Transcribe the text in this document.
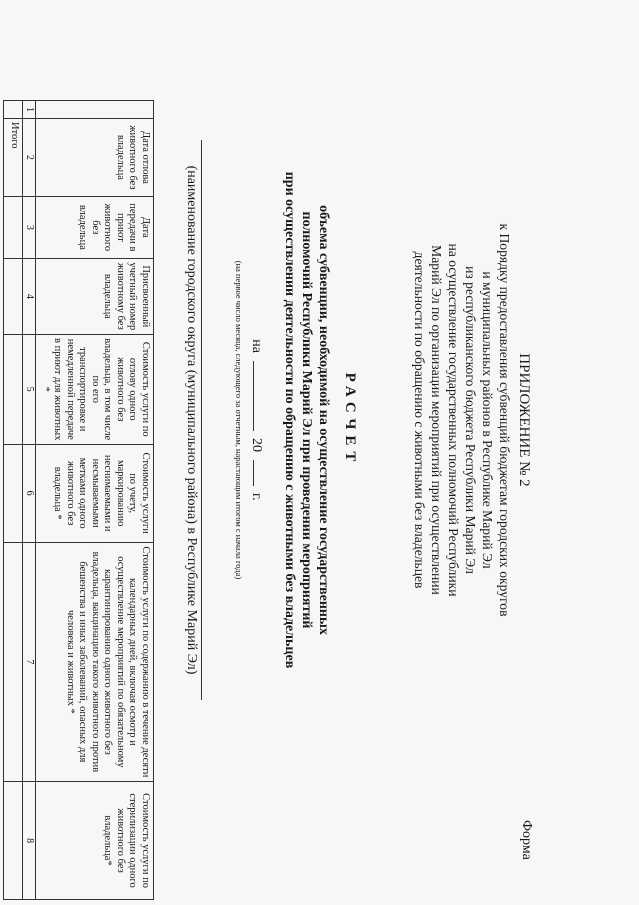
ПРИЛОЖЕНИЕ № 2
к Порядку предоставления субвенций бюджетам городских округов
и муниципальных районов в Республике Марий Эл
из республиканского бюджета Республики Марий Эл
на осуществление государственных полномочий Республики
Марий Эл по организации мероприятий при осуществлении
деятельности по обращению с животными без владельцев
Форма
РАСЧЕТ
объема субвенции, необходимой на осуществление государственных
полномочий Республики Марий Эл при проведении мероприятий
при осуществлении деятельности по обращению с животными без владельцев
на  20  г.
(на первое число месяца, следующего за отчетным, нарастающим итогом с начала года)
(наименование городского округа (муниципального района) в Республике Марий Эл)
	Дата отлова животного без владельца	Дата передачи в приют животного без владельца	Присвоенный учетный номер животному без владельца	Стоимость услуги по отлову одного животного без владельца, в том числе по его транспортировке и немедленной передаче в приют для животных *	Стоимость услуги по учету, маркированию неснимаемыми и несмываемыми метками одного животного без владельца *	Стоимость услуги по содержанию в течение десяти календарных дней, включая осмотр и осуществление мероприятий по обязательному карантинированию одного животного без владельца, вакцинацию такого животного против бешенства и иных заболеваний, опасных для человека и животных *	Стоимость услуги по стерилизации одного животного без владельца*
1	2	3	4	5	6	7	8
	Итого						
